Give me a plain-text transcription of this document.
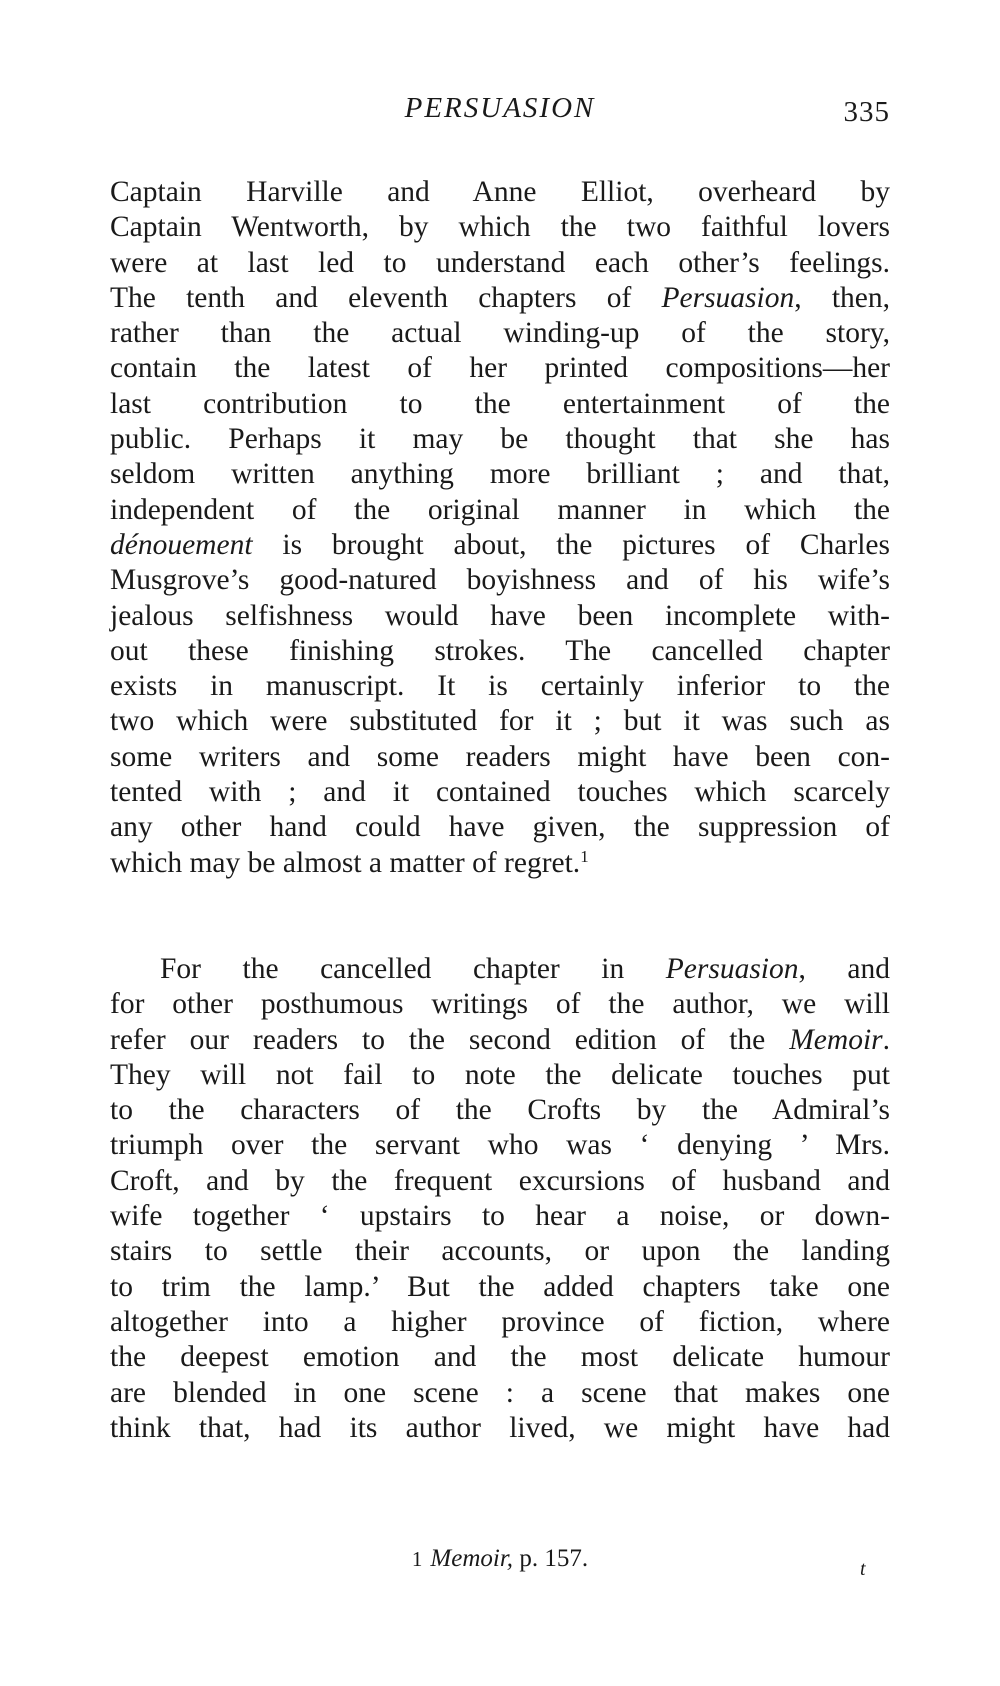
PERSUASION	335
Captain Harville and Anne Elliot, overheard by
Captain Wentworth, by which the two faithful lovers
were at last led to understand each other’s feelings.
The tenth and eleventh chapters of Persuasion, then,
rather than the actual winding-up of the story,
contain the latest of her printed compositions—her
last contribution to the entertainment of the
public. Perhaps it may be thought that she has
seldom written anything more brilliant ; and that,
independent of the original manner in which the
dénouement is brought about, the pictures of Charles
Musgrove’s good-natured boyishness and of his wife’s
jealous selfishness would have been incomplete with-
out these finishing strokes. The cancelled chapter
exists in manuscript. It is certainly inferior to the
two which were substituted for it ; but it was such as
some writers and some readers might have been con-
tented with ; and it contained touches which scarcely
any other hand could have given, the suppression of
which may be almost a matter of regret.$^1$
For the cancelled chapter in Persuasion, and
for other posthumous writings of the author, we will
refer our readers to the second edition of the Memoir.
They will not fail to note the delicate touches put
to the characters of the Crofts by the Admiral’s
triumph over the servant who was ‘ denying ’ Mrs.
Croft, and by the frequent excursions of husband and
wife together ‘ upstairs to hear a noise, or down-
stairs to settle their accounts, or upon the landing
to trim the lamp.’ But the added chapters take one
altogether into a higher province of fiction, where
the deepest emotion and the most delicate humour
are blended in one scene : a scene that makes one
think that, had its author lived, we might have had
1 Memoir, p. 157.	t
